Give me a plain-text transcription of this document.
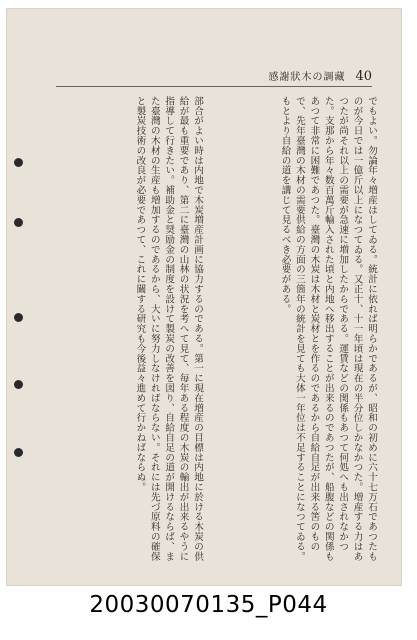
感謝狀木の調藏 40
でもよい。勿論年々増産はしてゐる。統計に依れば明らかであるが、昭和の初めに六十七万石であつたものが今日では一億斤以上になつてゐる。又正十、十一年頃は現在の半分位しかなかつた。増産する力はあつたが尚それ以上の需要が急速に増加したからである。運賃などの関係もあつて何処へも出されなかつた。支那から年々数百萬斤輸入された頃と内地へ移出することが出来るのであつたが、船腹などの関係もあつて非常に困難であつた。臺灣の木炭は木材と炭材とを作るのであるから自給自足が出来る筈のもので、先年臺灣の木材の需要供給の方面の三箇年の統計を見ても大体一年位は不足することになつてゐる。もとより自給の道を講じて見るべき必要がある。
部合がよい時は内地で木炭増産計画に協力するのである。第一に現在増産の目標は内地に於ける木炭の供給が最も重要であり、第二に臺灣の山林の状況を考へて見て、毎年ある程度の木炭の輸出が出来るやうに指導して行きたい。補助金と奨励金の制度を設けて製炭の改善を図り、自給自足の道が開けるならば、また臺灣の木材の生産も増加するのであるから、大いに努力しなければならない。それには先づ原料の確保と製炭技術の改良が必要であつて、これに關する研究も今後益々進めて行かねばならぬ。
20030070135_P044
